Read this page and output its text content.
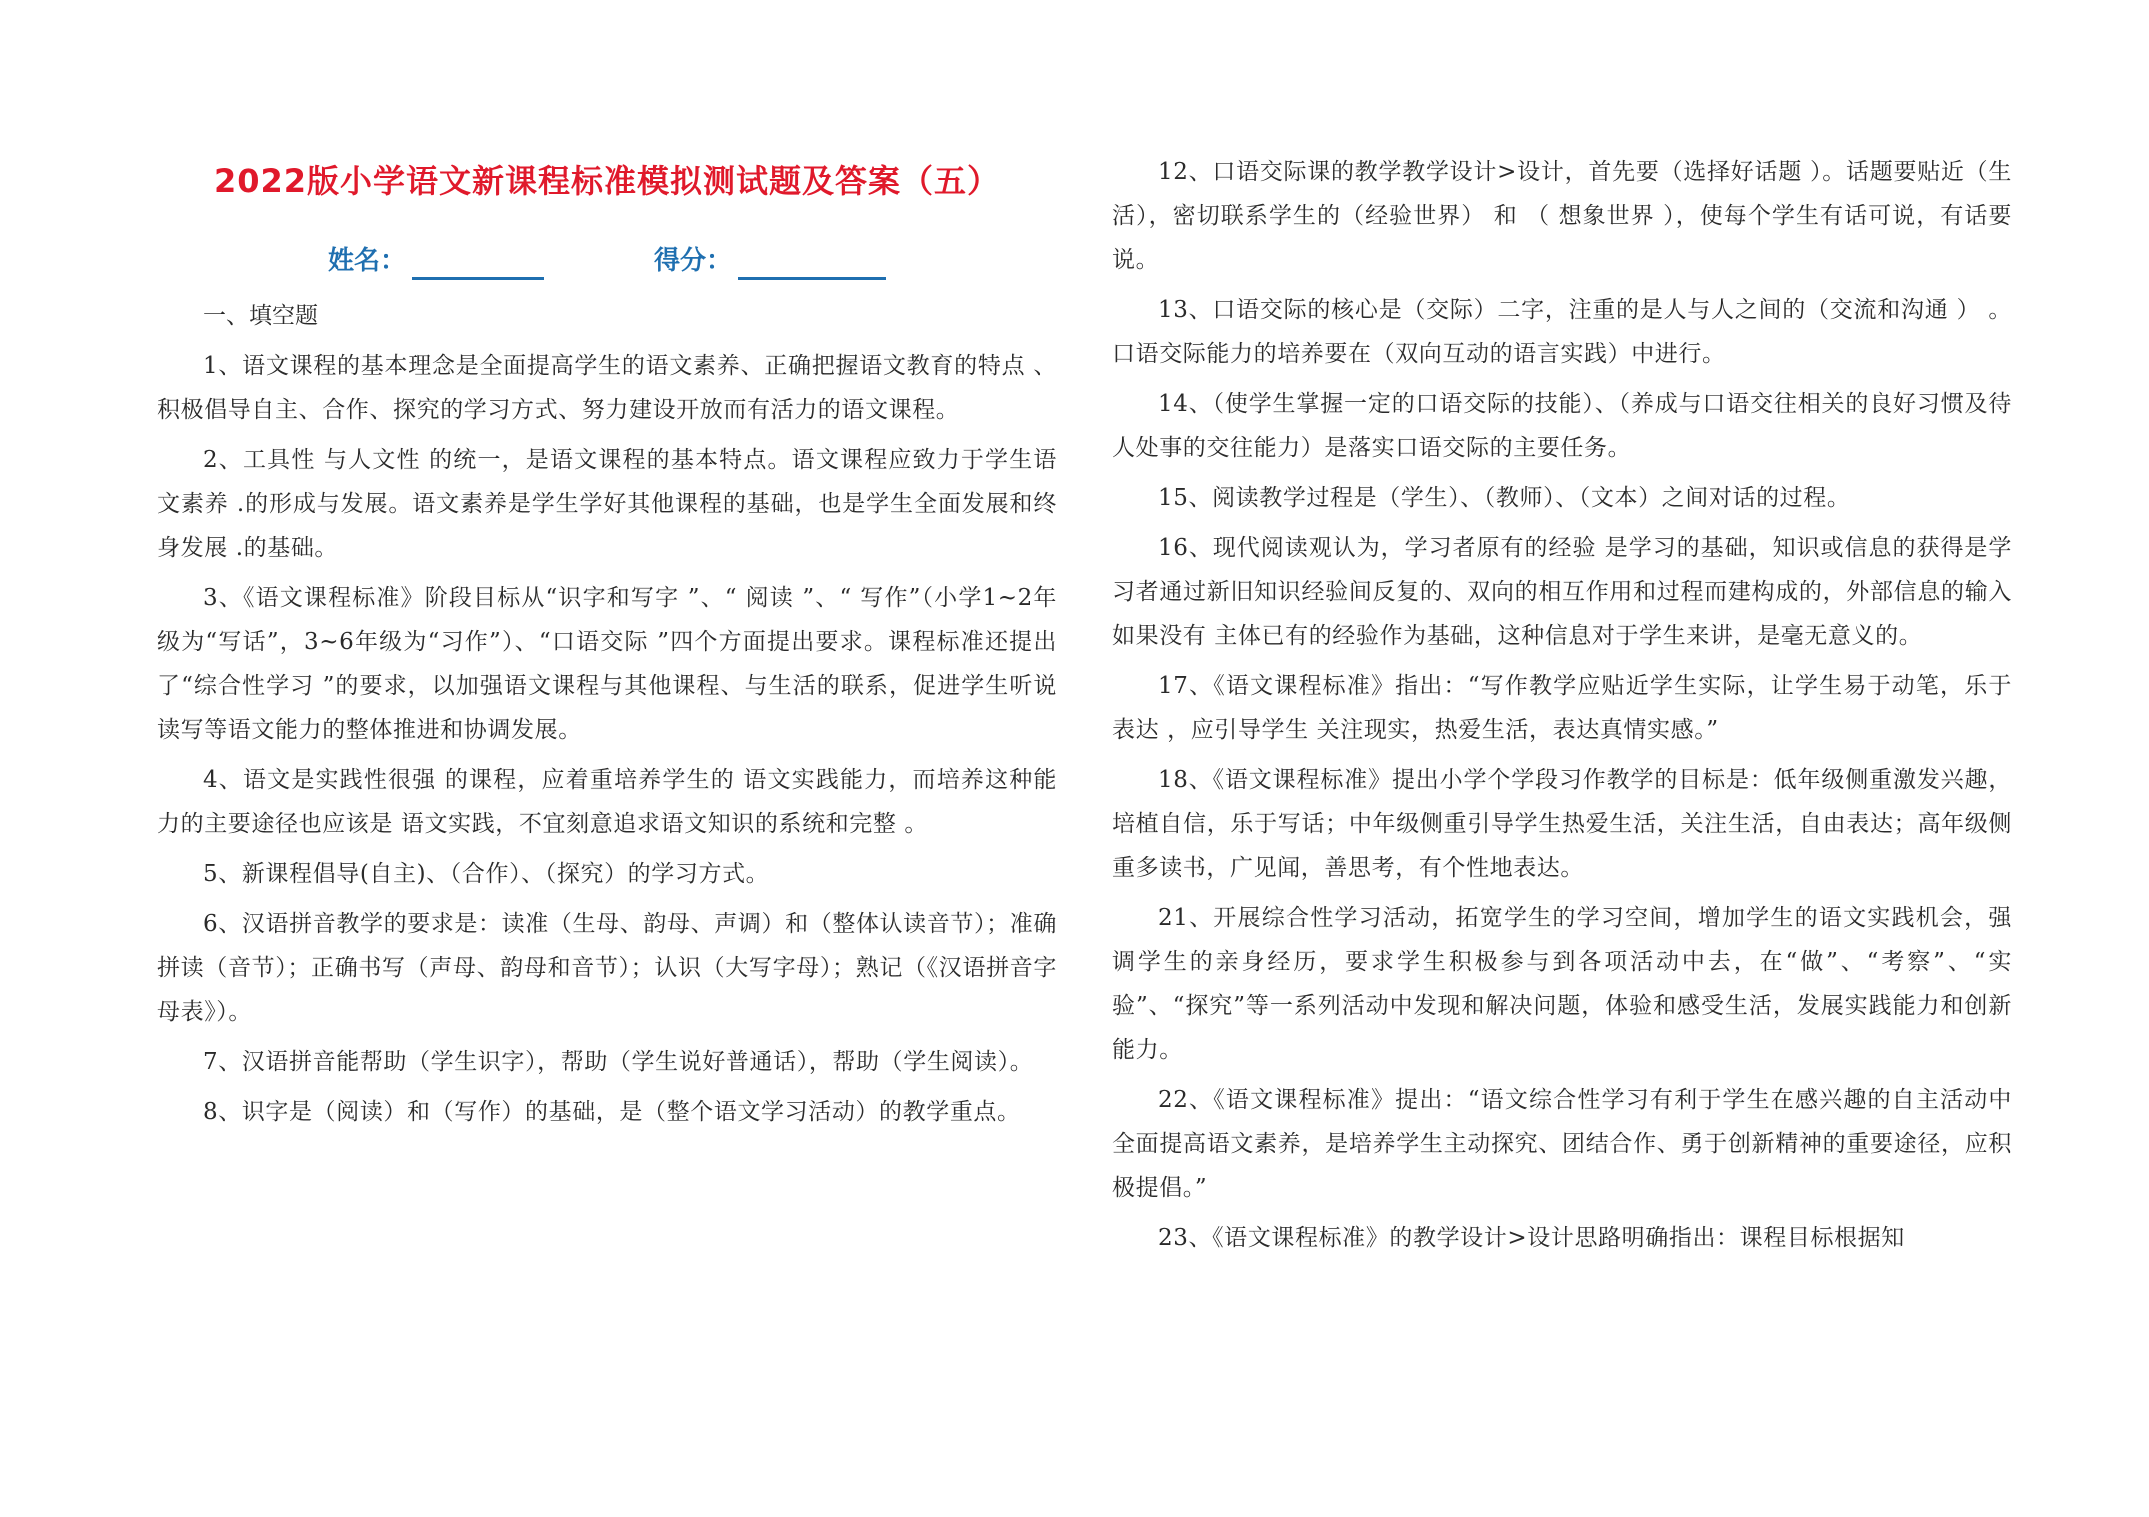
2022版小学语文新课程标准模拟测试题及答案（五）
姓名：	得分：
一、填空题

1、语文课程的基本理念是全面提高学生的语文素养、正确把握语文教育的特点 、积极倡导自主、合作、探究的学习方式、努力建设开放而有活力的语文课程。

2、工具性 与人文性 的统一，是语文课程的基本特点。语文课程应致力于学生语文素养 .的形成与发展。语文素养是学生学好其他课程的基础，也是学生全面发展和终身发展 .的基础。

3、《语文课程标准》阶段目标从“识字和写字 ”、“ 阅读 ”、“ 写作”（小学1~2年级为“写话”，3~6年级为“习作”）、“口语交际 ”四个方面提出要求。课程标准还提出了“综合性学习 ”的要求，以加强语文课程与其他课程、与生活的联系，促进学生听说读写等语文能力的整体推进和协调发展。

4、语文是实践性很强 的课程，应着重培养学生的 语文实践能力，而培养这种能力的主要途径也应该是 语文实践，不宜刻意追求语文知识的系统和完整 。

5、新课程倡导(自主)、（合作）、（探究）的学习方式。

6、汉语拼音教学的要求是：读准（生母、韵母、声调）和（整体认读音节）；准确拼读（音节）；正确书写（声母、韵母和音节）；认识（大写字母）；熟记（《汉语拼音字母表》）。

7、汉语拼音能帮助（学生识字），帮助（学生说好普通话），帮助（学生阅读）。

8、识字是（阅读）和（写作）的基础，是（整个语文学习活动）的教学重点。

12、口语交际课的教学教学设计>设计，首先要（选择好话题 ）。话题要贴近（生活），密切联系学生的（经验世界） 和 （ 想象世界 ），使每个学生有话可说，有话要说。

13、口语交际的核心是（交际）二字，注重的是人与人之间的（交流和沟通 ） 。口语交际能力的培养要在（双向互动的语言实践）中进行。

14、（使学生掌握一定的口语交际的技能）、（养成与口语交往相关的良好习惯及待人处事的交往能力）是落实口语交际的主要任务。

15、阅读教学过程是（学生）、（教师）、（文本）之间对话的过程。

16、现代阅读观认为，学习者原有的经验 是学习的基础，知识或信息的获得是学习者通过新旧知识经验间反复的、双向的相互作用和过程而建构成的，外部信息的输入如果没有 主体已有的经验作为基础，这种信息对于学生来讲，是毫无意义的。

17、《语文课程标准》指出：“写作教学应贴近学生实际，让学生易于动笔，乐于表达 ，应引导学生 关注现实，热爱生活，表达真情实感。”

18、《语文课程标准》提出小学个学段习作教学的目标是：低年级侧重激发兴趣，培植自信，乐于写话；中年级侧重引导学生热爱生活，关注生活，自由表达；高年级侧重多读书，广见闻，善思考，有个性地表达。

21、开展综合性学习活动，拓宽学生的学习空间，增加学生的语文实践机会，强调学生的亲身经历，要求学生积极参与到各项活动中去，在“做”、“考察”、“实验”、“探究”等一系列活动中发现和解决问题，体验和感受生活，发展实践能力和创新能力。

22、《语文课程标准》提出：“语文综合性学习有利于学生在感兴趣的自主活动中全面提高语文素养，是培养学生主动探究、团结合作、勇于创新精神的重要途径，应积极提倡。”

23、《语文课程标准》的教学设计>设计思路明确指出：课程目标根据知
